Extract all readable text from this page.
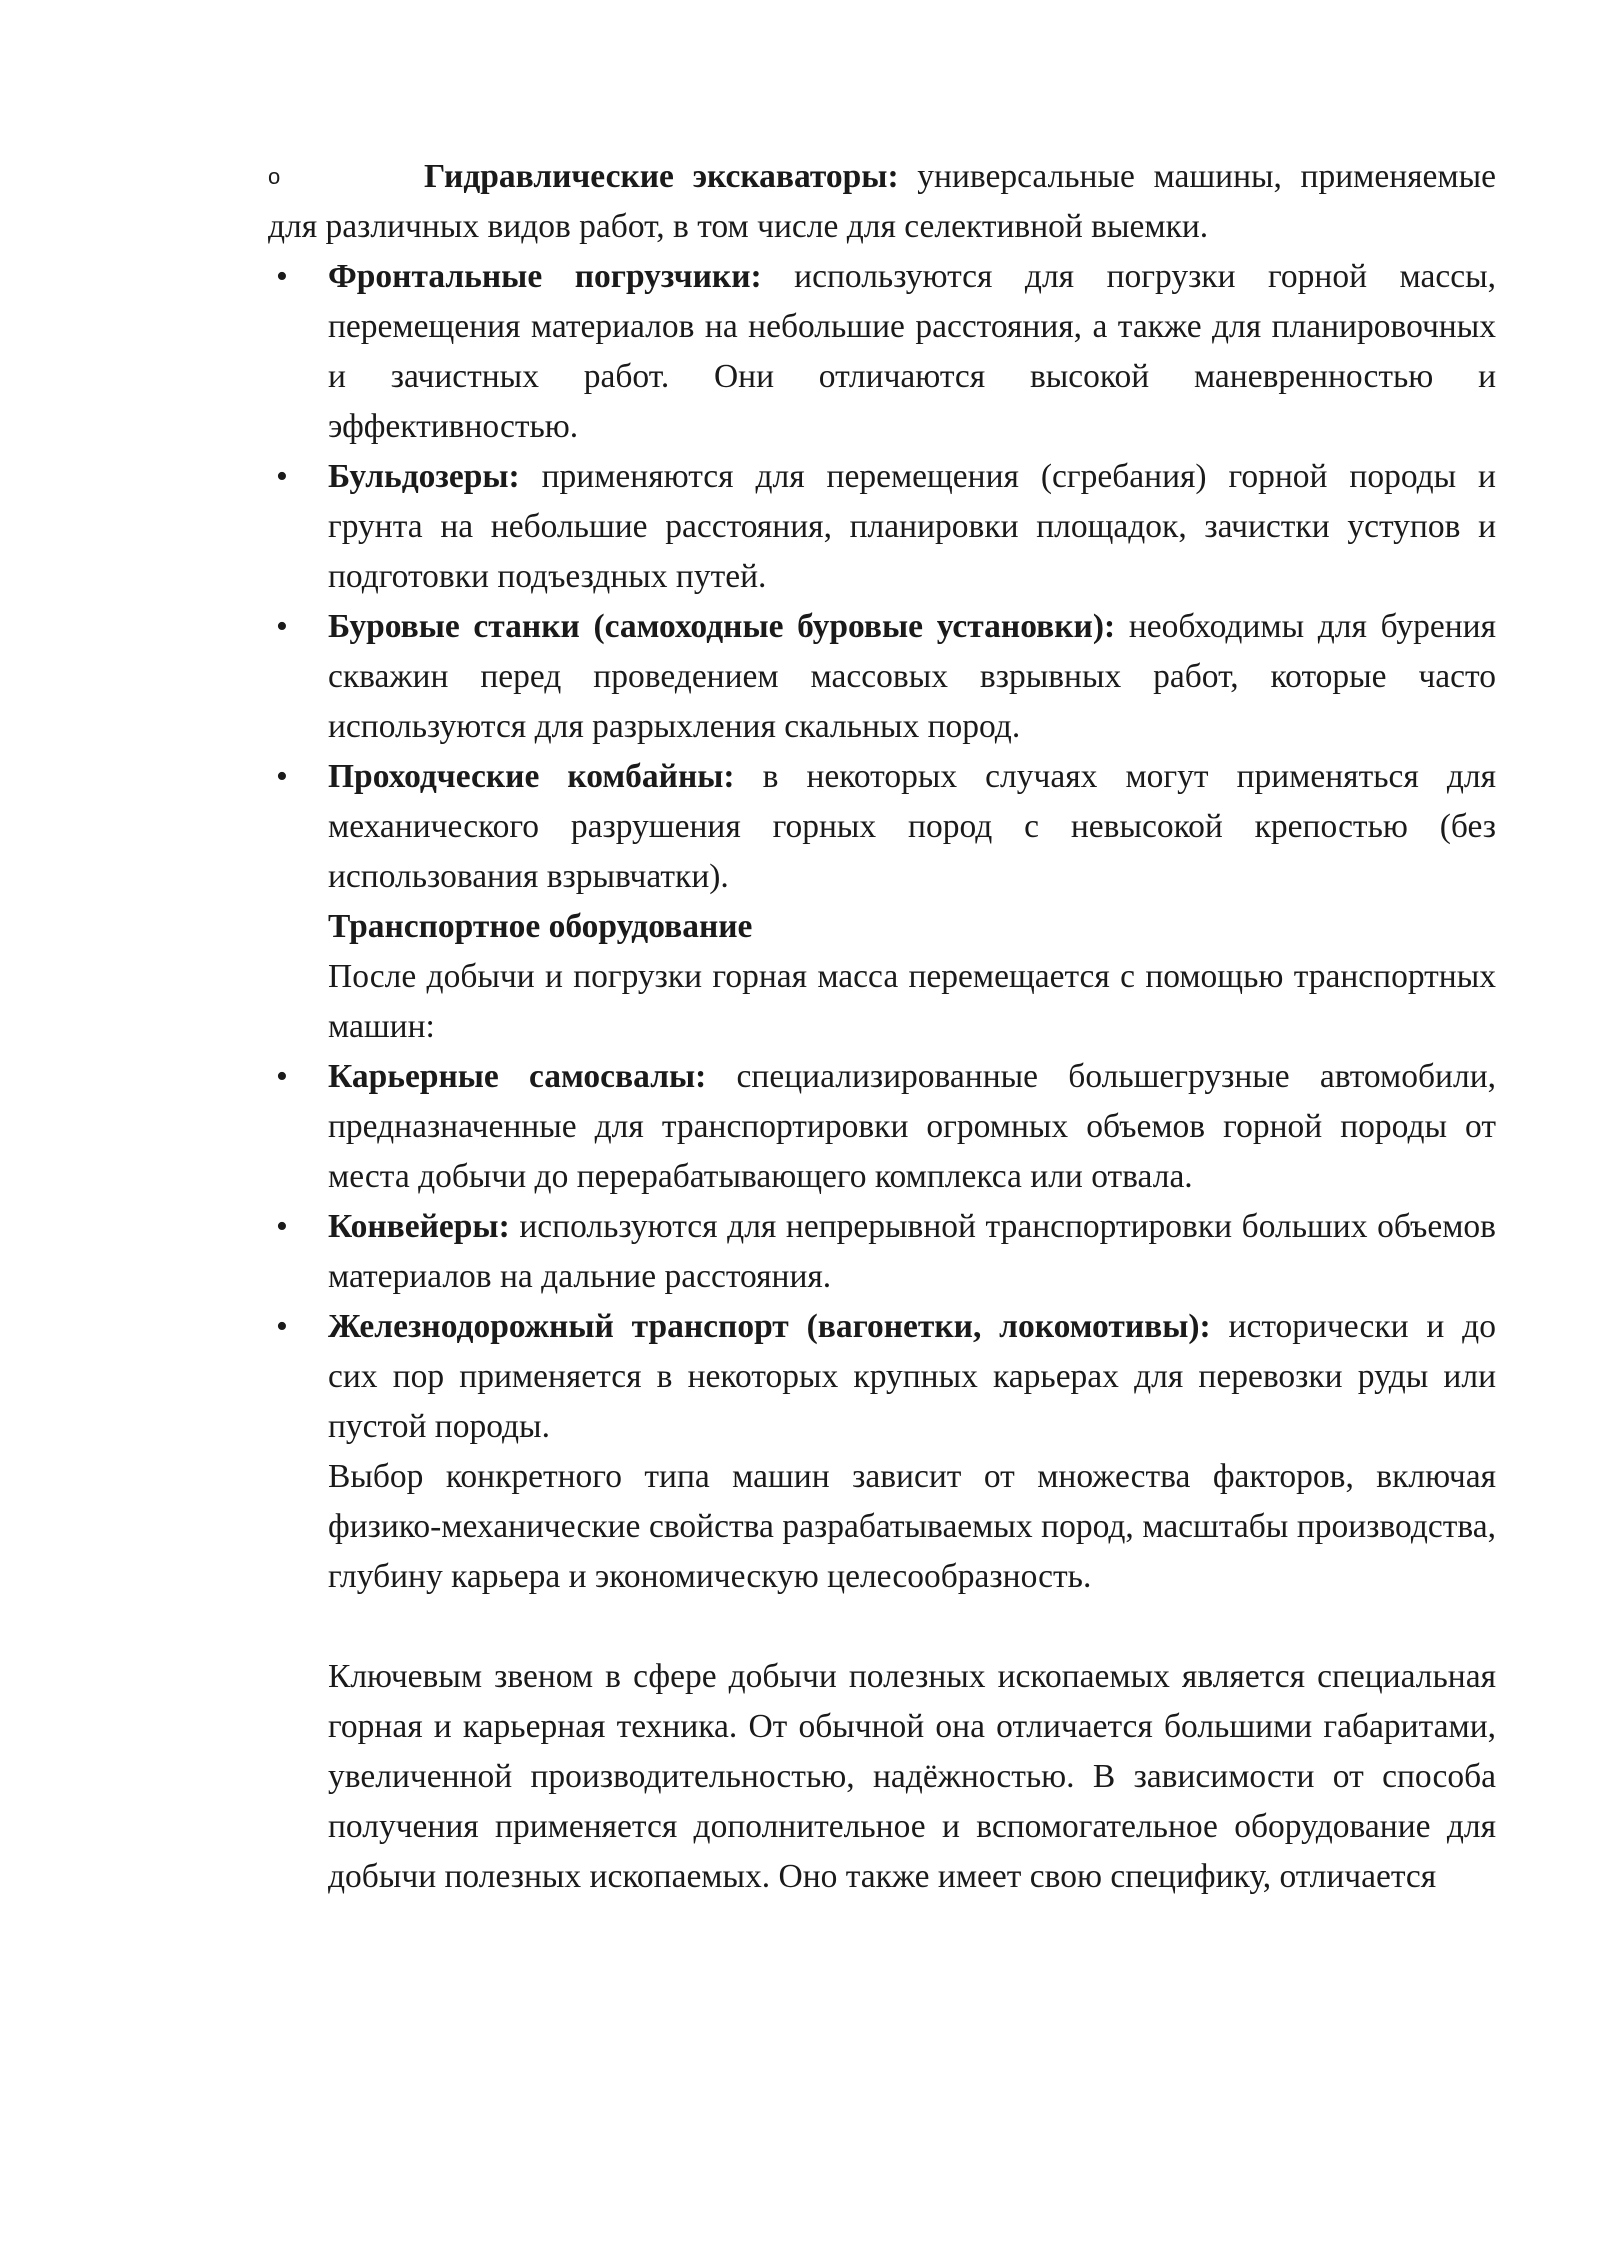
o	Гидравлические экскаваторы: универсальные машины, применяемые для различных видов работ, в том числе для селективной выемки.

• Фронтальные погрузчики: используются для погрузки горной массы, перемещения материалов на небольшие расстояния, а также для планировочных и зачистных работ. Они отличаются высокой маневренностью и эффективностью.

• Бульдозеры: применяются для перемещения (сгребания) горной породы и грунта на небольшие расстояния, планировки площадок, зачистки уступов и подготовки подъездных путей.

• Буровые станки (самоходные буровые установки): необходимы для бурения скважин перед проведением массовых взрывных работ, которые часто используются для разрыхления скальных пород.

• Проходческие комбайны: в некоторых случаях могут применяться для механического разрушения горных пород с невысокой крепостью (без использования взрывчатки).

Транспортное оборудование

После добычи и погрузки горная масса перемещается с помощью транспортных машин:

• Карьерные самосвалы: специализированные большегрузные автомобили, предназначенные для транспортировки огромных объемов горной породы от места добычи до перерабатывающего комплекса или отвала.

• Конвейеры: используются для непрерывной транспортировки больших объемов материалов на дальние расстояния.

• Железнодорожный транспорт (вагонетки, локомотивы): исторически и до сих пор применяется в некоторых крупных карьерах для перевозки руды или пустой породы.

Выбор конкретного типа машин зависит от множества факторов, включая физико-механические свойства разрабатываемых пород, масштабы производства, глубину карьера и экономическую целесообразность.

Ключевым звеном в сфере добычи полезных ископаемых является специальная горная и карьерная техника. От обычной она отличается большими габаритами, увеличенной производительностью, надёжностью. В зависимости от способа получения применяется дополнительное и вспомогательное оборудование для добычи полезных ископаемых. Оно также имеет свою специфику, отличается
